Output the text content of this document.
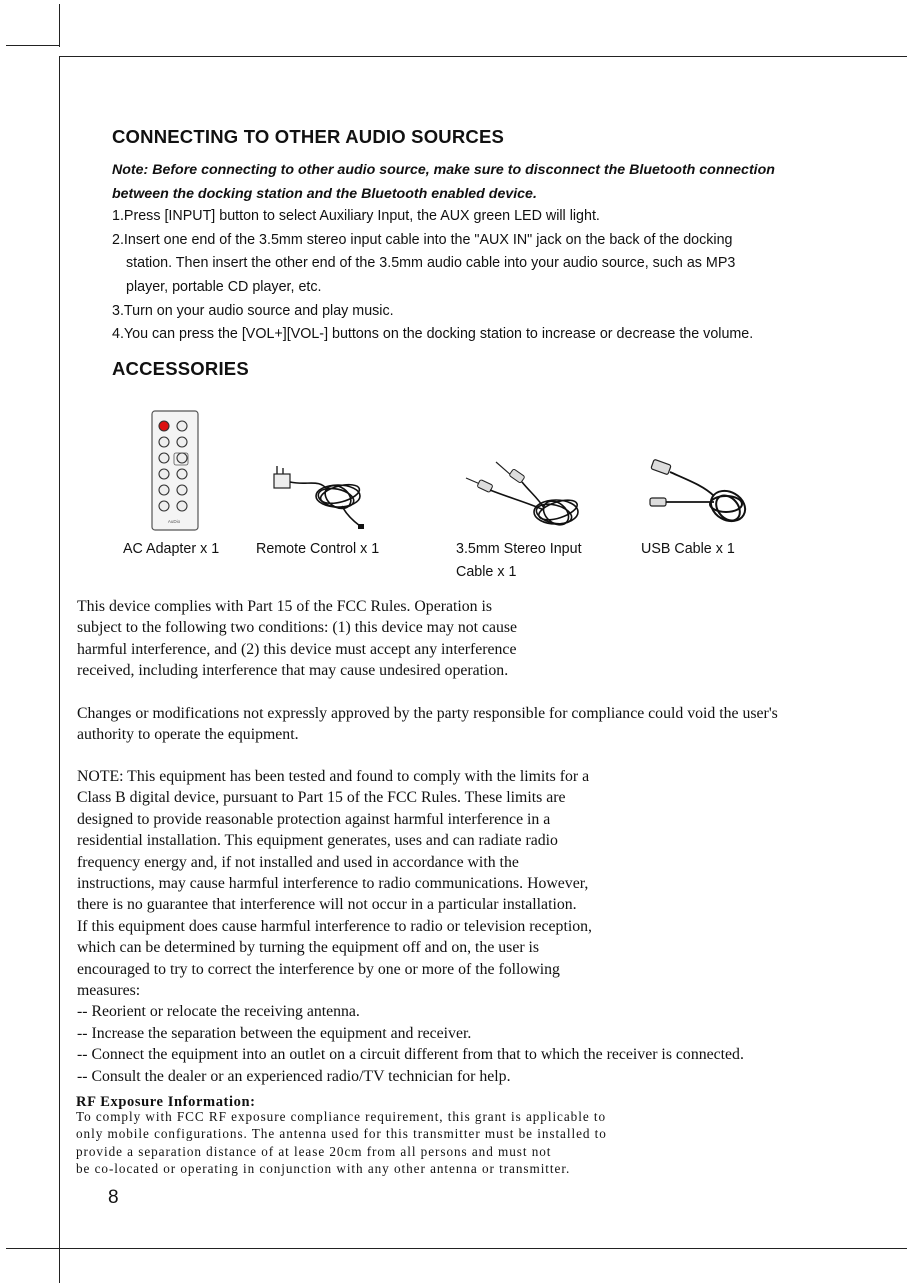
CONNECTING TO OTHER AUDIO SOURCES
Note: Before connecting to other audio source, make sure to disconnect the Bluetooth connection
between the docking station and the Bluetooth enabled device.
1.Press [INPUT] button to select Auxiliary Input, the AUX green LED will light.
2.Insert one end of the 3.5mm stereo input cable into the "AUX IN" jack on the back of the docking
station. Then insert the other end of the 3.5mm audio cable into your audio source, such as MP3
player, portable CD player, etc.
3.Turn on your audio source and play music.
4.You can press the [VOL+][VOL-] buttons on the docking station to increase or decrease the volume.
ACCESSORIES
AuDio
AC Adapter x 1	Remote Control x 1	3.5mm Stereo Input
Cable x 1
USB Cable x 1
This device complies with Part 15 of the FCC Rules. Operation is
subject to the following two conditions: (1) this device may not cause
harmful interference, and (2) this device must accept any interference
received, including interference that may cause undesired operation.
Changes or modifications not expressly approved by the party responsible for compliance could void the user's
authority to operate the equipment.
NOTE: This equipment has been tested and found to comply with the limits for a
Class B digital device, pursuant to Part 15 of the FCC Rules. These limits are
designed to provide reasonable protection against harmful interference in a
residential installation. This equipment generates, uses and can radiate radio
frequency energy and, if not installed and used in accordance with the
instructions, may cause harmful interference to radio communications. However,
there is no guarantee that interference will not occur in a particular installation.
If this equipment does cause harmful interference to radio or television reception,
which can be determined by turning the equipment off and on, the user is
encouraged to try to correct the interference by one or more of the following
measures:
-- Reorient or relocate the receiving antenna.
-- Increase the separation between the equipment and receiver.
-- Connect the equipment into an outlet on a circuit different from that to which the receiver is connected.
-- Consult the dealer or an experienced radio/TV technician for help.
RF Exposure Information:
To comply with FCC RF exposure compliance requirement, this grant is applicable to
only mobile configurations. The antenna used for this transmitter must be installed to
provide a separation distance of at lease 20cm from all persons and must not
be co-located or operating in conjunction with any other antenna or transmitter.
8
